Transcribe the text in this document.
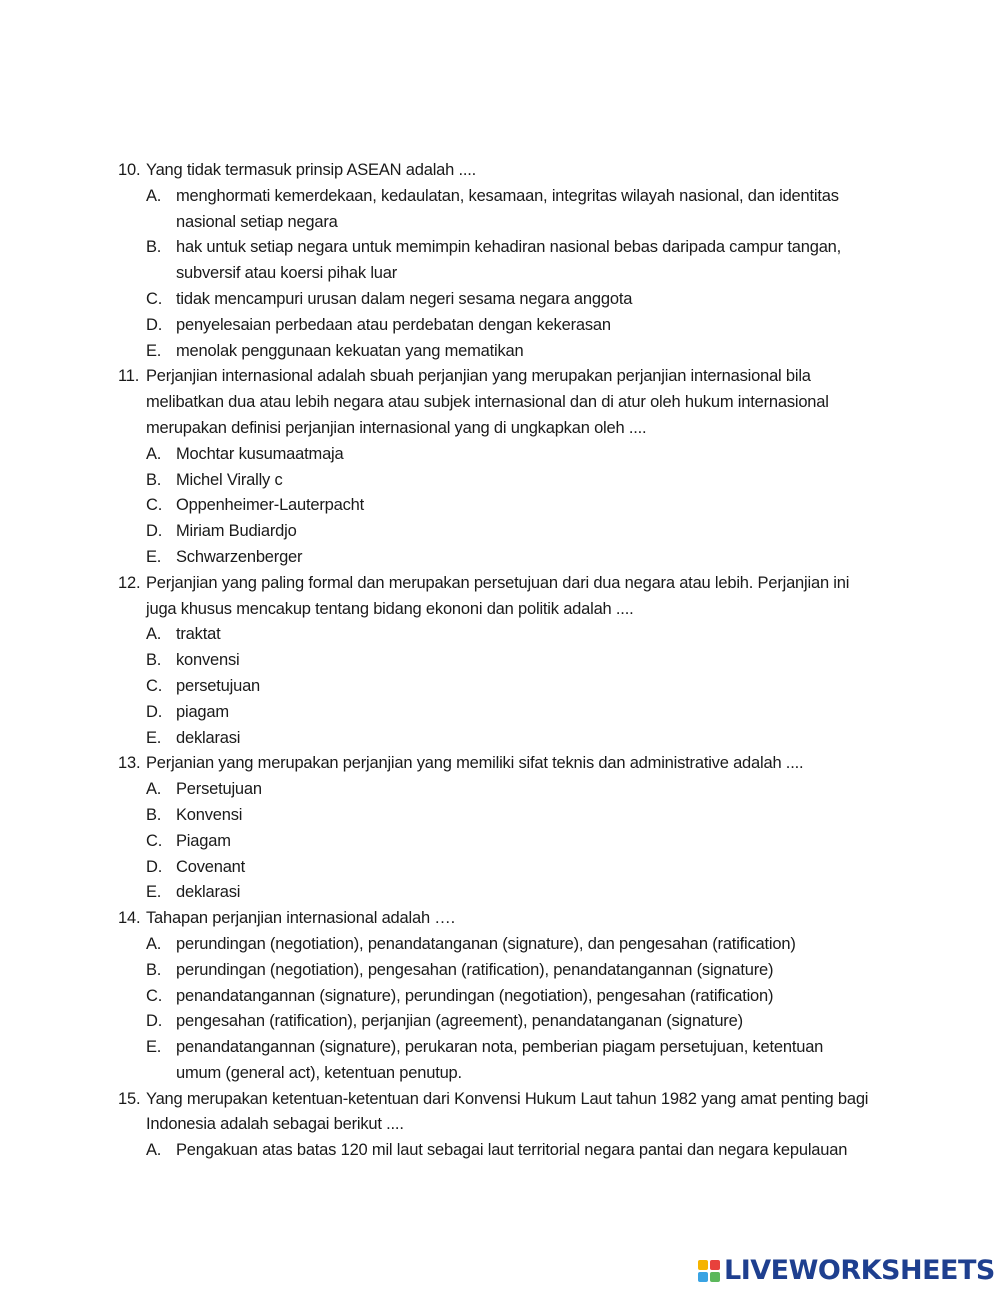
10. Yang tidak termasuk prinsip ASEAN adalah ....
A. menghormati kemerdekaan, kedaulatan, kesamaan, integritas wilayah nasional, dan identitas nasional setiap negara
B. hak untuk setiap negara untuk memimpin kehadiran nasional bebas daripada campur tangan, subversif atau koersi pihak luar
C. tidak mencampuri urusan dalam negeri sesama negara anggota
D. penyelesaian perbedaan atau perdebatan dengan kekerasan
E. menolak penggunaan kekuatan yang mematikan
11. Perjanjian internasional adalah sbuah perjanjian yang merupakan perjanjian internasional bila melibatkan dua atau lebih negara atau subjek internasional dan di atur oleh hukum internasional merupakan definisi perjanjian internasional yang di ungkapkan oleh ....
A. Mochtar kusumaatmaja
B. Michel Virally c
C. Oppenheimer-Lauterpacht
D. Miriam Budiardjo
E. Schwarzenberger
12. Perjanjian yang paling formal dan merupakan persetujuan dari dua negara atau lebih. Perjanjian ini juga khusus mencakup tentang bidang ekononi dan politik adalah ....
A. traktat
B. konvensi
C. persetujuan
D. piagam
E. deklarasi
13. Perjanian yang merupakan perjanjian yang memiliki sifat teknis dan administrative adalah ....
A. Persetujuan
B. Konvensi
C. Piagam
D. Covenant
E. deklarasi
14. Tahapan perjanjian internasional adalah ….
A. perundingan (negotiation), penandatanganan (signature), dan pengesahan (ratification)
B. perundingan (negotiation), pengesahan (ratification), penandatangannan (signature)
C. penandatangannan (signature), perundingan (negotiation), pengesahan (ratification)
D. pengesahan (ratification), perjanjian (agreement), penandatanganan (signature)
E. penandatangannan (signature), perukaran nota, pemberian piagam persetujuan, ketentuan umum (general act), ketentuan penutup.
15. Yang merupakan ketentuan-ketentuan dari Konvensi Hukum Laut tahun 1982 yang amat penting bagi Indonesia adalah sebagai berikut ....
A. Pengakuan atas batas 120 mil laut sebagai laut territorial negara pantai dan negara kepulauan
LIVEWORKSHEETS
